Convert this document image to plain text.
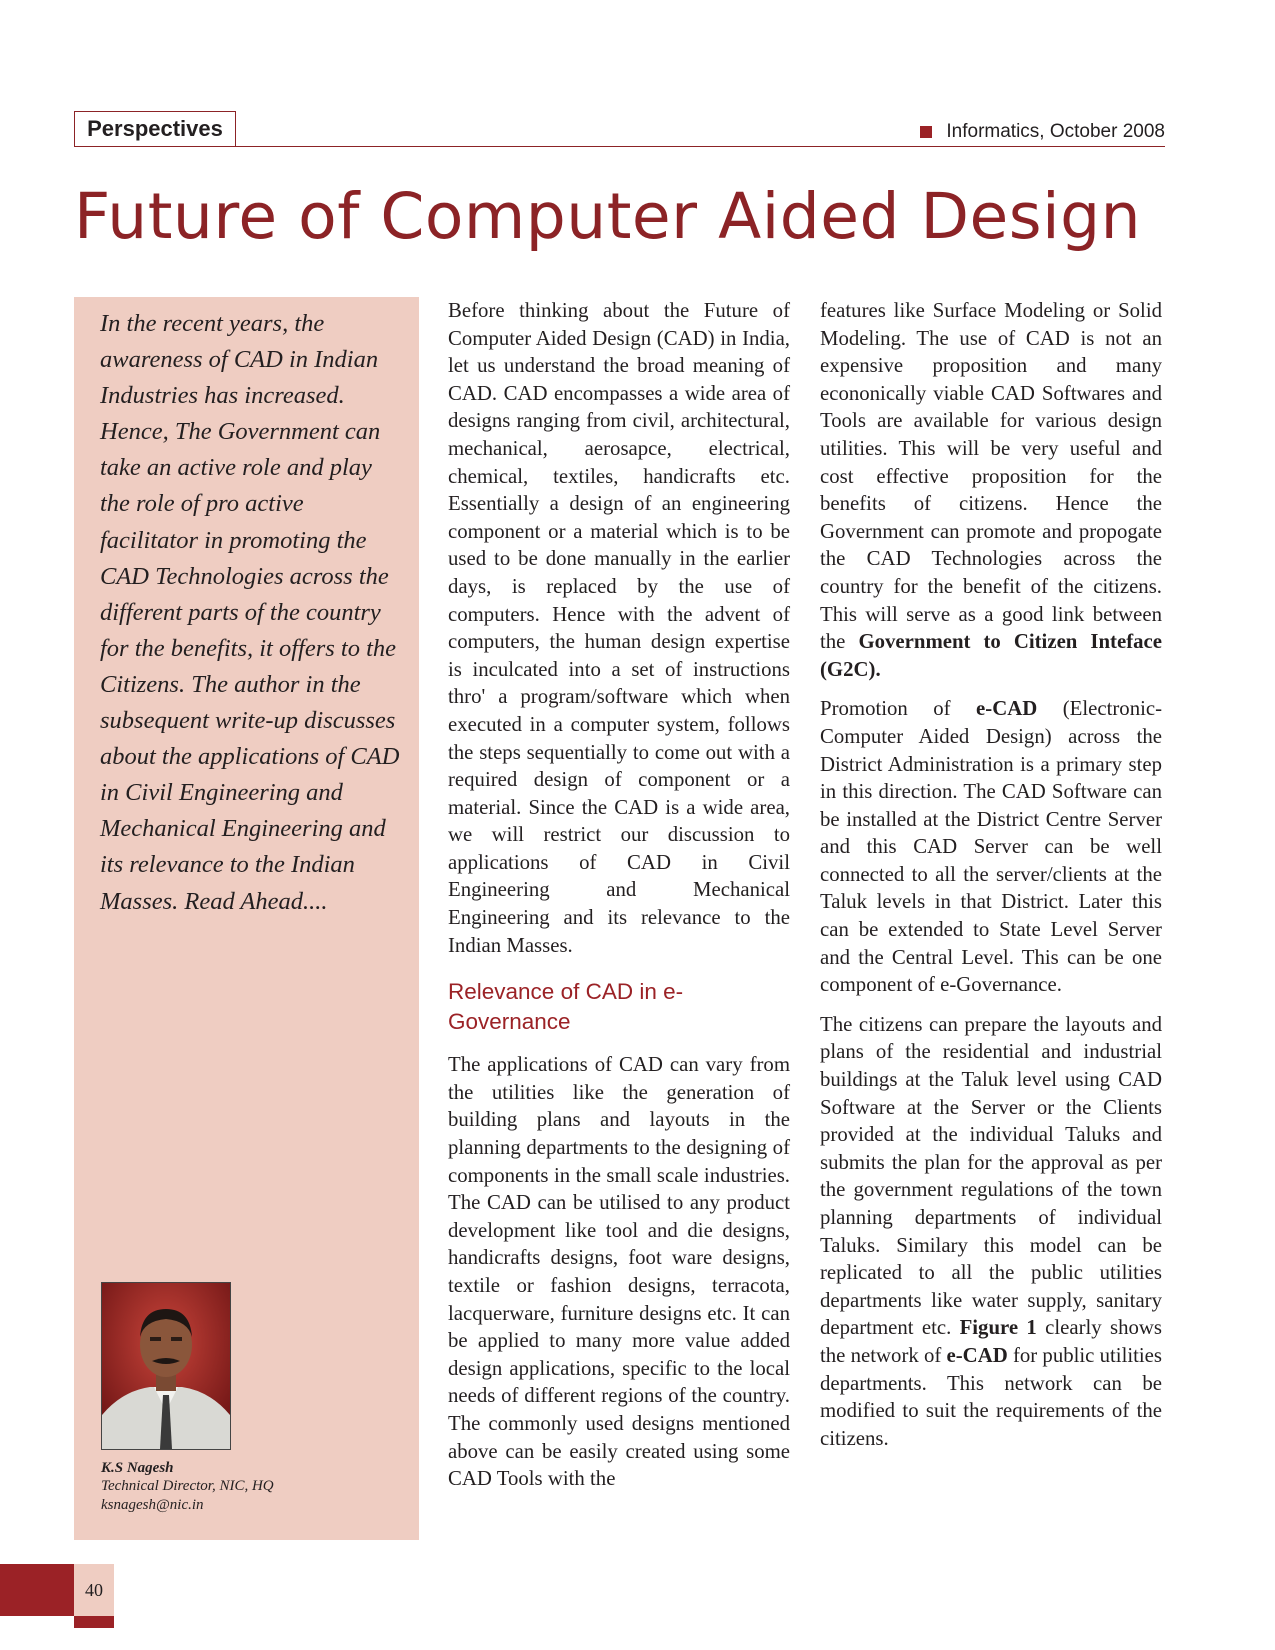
Perspectives	Informatics, October 2008
Future of Computer Aided Design

In the recent years, the awareness of CAD in Indian Industries has increased. Hence, The Government can take an active role and play the role of pro active facilitator in promoting the CAD Technologies across the different parts of the country for the benefits, it offers to the Citizens. The author in the subsequent write-up discusses about the applications of CAD in Civil Engineering and Mechanical Engineering and its relevance to the Indian Masses. Read Ahead....

K.S Nagesh
Technical Director, NIC, HQ
ksnagesh@nic.in

Before thinking about the Future of Computer Aided Design (CAD) in India, let us understand the broad meaning of CAD. CAD encompasses a wide area of designs ranging from civil, architectural, mechanical, aerosapce, electrical, chemical, textiles, handicrafts etc. Essentially a design of an engineering component or a material which is to be used to be done manually in the earlier days, is replaced by the use of computers. Hence with the advent of computers, the human design expertise is inculcated into a set of instructions thro' a program/software which when executed in a computer system, follows the steps sequentially to come out with a required design of component or a material. Since the CAD is a wide area, we will restrict our discussion to applications of CAD in Civil Engineering and Mechanical Engineering and its relevance to the Indian Masses.

Relevance of CAD in e-Governance

The applications of CAD can vary from the utilities like the generation of building plans and layouts in the planning departments to the designing of components in the small scale industries. The CAD can be utilised to any product development like tool and die designs, handicrafts designs, foot ware designs, textile or fashion designs, terracota, lacquerware, furniture designs etc. It can be applied to many more value added design applications, specific to the local needs of different regions of the country. The commonly used designs mentioned above can be easily created using some CAD Tools with the

features like Surface Modeling or Solid Modeling. The use of CAD is not an expensive proposition and many econonically viable CAD Softwares and Tools are available for various design utilities. This will be very useful and cost effective proposition for the benefits of citizens. Hence the Government can promote and propogate the CAD Technologies across the country for the benefit of the citizens. This will serve as a good link between the Government to Citizen Inteface (G2C).

Promotion of e-CAD (Electronic-Computer Aided Design) across the District Administration is a primary step in this direction. The CAD Software can be installed at the District Centre Server and this CAD Server can be well connected to all the server/clients at the Taluk levels in that District. Later this can be extended to State Level Server and the Central Level. This can be one component of e-Governance.

The citizens can prepare the layouts and plans of the residential and industrial buildings at the Taluk level using CAD Software at the Server or the Clients provided at the individual Taluks and submits the plan for the approval as per the government regulations of the town planning departments of individual Taluks. Similary this model can be replicated to all the public utilities departments like water supply, sanitary department etc. Figure 1 clearly shows the network of e-CAD for public utilities departments. This network can be modified to suit the requirements of the citizens.

40
